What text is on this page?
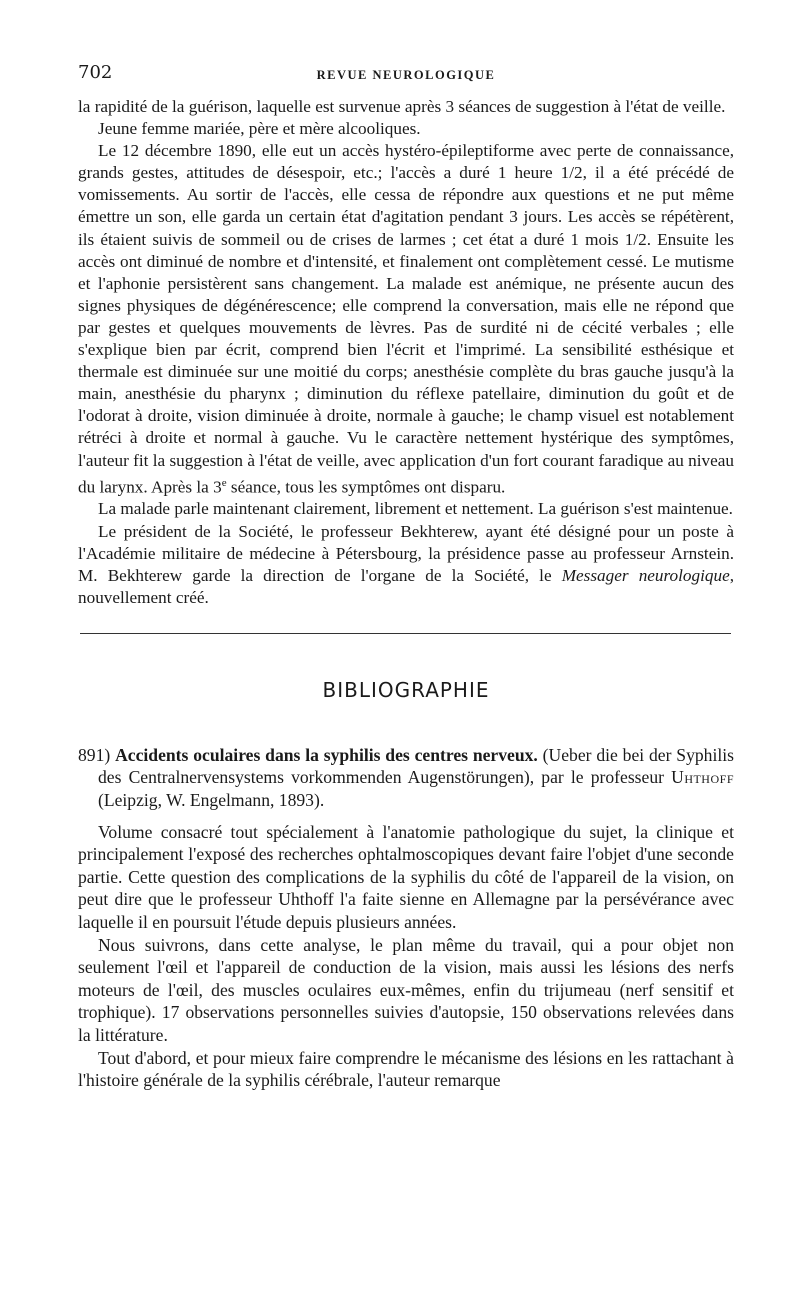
702	REVUE NEUROLOGIQUE

la rapidité de la guérison, laquelle est survenue après 3 séances de suggestion à l'état de veille.

Jeune femme mariée, père et mère alcooliques.

Le 12 décembre 1890, elle eut un accès hystéro-épileptiforme avec perte de connaissance, grands gestes, attitudes de désespoir, etc.; l'accès a duré 1 heure 1/2, il a été précédé de vomissements. Au sortir de l'accès, elle cessa de répondre aux questions et ne put même émettre un son, elle garda un certain état d'agitation pendant 3 jours. Les accès se répétèrent, ils étaient suivis de sommeil ou de crises de larmes ; cet état a duré 1 mois 1/2. Ensuite les accès ont diminué de nombre et d'intensité, et finalement ont complètement cessé. Le mutisme et l'aphonie persistèrent sans changement. La malade est anémique, ne présente aucun des signes physiques de dégénérescence; elle comprend la conversation, mais elle ne répond que par gestes et quelques mouvements de lèvres. Pas de surdité ni de cécité verbales ; elle s'explique bien par écrit, comprend bien l'écrit et l'imprimé. La sensibilité esthésique et thermale est diminuée sur une moitié du corps; anesthésie complète du bras gauche jusqu'à la main, anesthésie du pharynx ; diminution du réflexe patellaire, diminution du goût et de l'odorat à droite, vision diminuée à droite, normale à gauche; le champ visuel est notablement rétréci à droite et normal à gauche. Vu le caractère nettement hystérique des symptômes, l'auteur fit la suggestion à l'état de veille, avec application d'un fort courant faradique au niveau du larynx. Après la 3e séance, tous les symptômes ont disparu.

La malade parle maintenant clairement, librement et nettement. La guérison s'est maintenue.

Le président de la Société, le professeur Bekhterew, ayant été désigné pour un poste à l'Académie militaire de médecine à Pétersbourg, la présidence passe au professeur Arnstein. M. Bekhterew garde la direction de l'organe de la Société, le Messager neurologique, nouvellement créé.

BIBLIOGRAPHIE
891) Accidents oculaires dans la syphilis des centres nerveux. (Ueber die bei der Syphilis des Centralnervensystems vorkommenden Augenstörungen), par le professeur Uhthoff (Leipzig, W. Engelmann, 1893).

Volume consacré tout spécialement à l'anatomie pathologique du sujet, la clinique et principalement l'exposé des recherches ophtalmoscopiques devant faire l'objet d'une seconde partie. Cette question des complications de la syphilis du côté de l'appareil de la vision, on peut dire que le professeur Uhthoff l'a faite sienne en Allemagne par la persévérance avec laquelle il en poursuit l'étude depuis plusieurs années.

Nous suivrons, dans cette analyse, le plan même du travail, qui a pour objet non seulement l'œil et l'appareil de conduction de la vision, mais aussi les lésions des nerfs moteurs de l'œil, des muscles oculaires eux-mêmes, enfin du trijumeau (nerf sensitif et trophique). 17 observations personnelles suivies d'autopsie, 150 observations relevées dans la littérature.

Tout d'abord, et pour mieux faire comprendre le mécanisme des lésions en les rattachant à l'histoire générale de la syphilis cérébrale, l'auteur remarque
